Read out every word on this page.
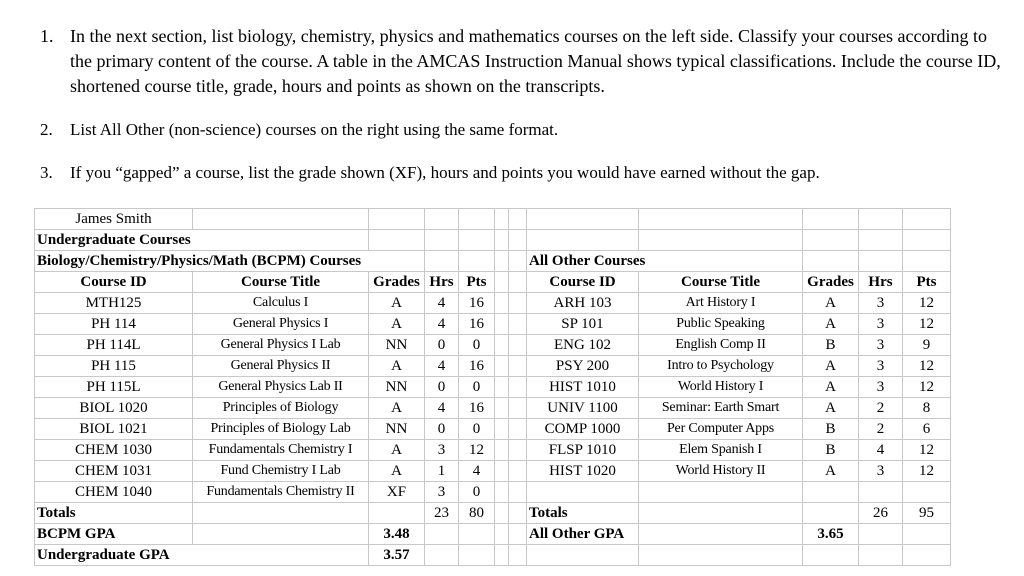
1. In the next section, list biology, chemistry, physics and mathematics courses on the left side. Classify your courses according to the primary content of the course. A table in the AMCAS Instruction Manual shows typical classifications. Include the course ID, shortened course title, grade, hours and points as shown on the transcripts.
2.	List All Other (non-science) courses on the right using the same format.
3.	If you “gapped” a course, list the grade shown (XF), hours and points you would have earned without the gap.
James Smith											
Undergraduate Courses											
Biology/Chemistry/Physics/Math (BCPM) Courses							All Other Courses				
Course ID	Course Title	Grades	Hrs	Pts			Course ID	Course Title	Grades	Hrs	Pts
MTH125	Calculus I	A	4	16			ARH 103	Art History I	A	3	12
PH 114	General Physics I	A	4	16			SP 101	Public Speaking	A	3	12
PH 114L	General Physics I Lab	NN	0	0			ENG 102	English Comp II	B	3	9
PH 115	General Physics II	A	4	16			PSY 200	Intro to Psychology	A	3	12
PH 115L	General Physics Lab II	NN	0	0			HIST 1010	World History I	A	3	12
BIOL 1020	Principles of Biology	A	4	16			UNIV 1100	Seminar: Earth Smart	A	2	8
BIOL 1021	Principles of Biology Lab	NN	0	0			COMP 1000	Per Computer Apps	B	2	6
CHEM 1030	Fundamentals Chemistry I	A	3	12			FLSP 1010	Elem Spanish I	B	4	12
CHEM 1031	Fund Chemistry I Lab	A	1	4			HIST 1020	World History II	A	3	12
CHEM 1040	Fundamentals Chemistry II	XF	3	0							
Totals			23	80			Totals			26	95
BCPM GPA		3.48					All Other GPA		3.65		
Undergraduate GPA		3.57									
